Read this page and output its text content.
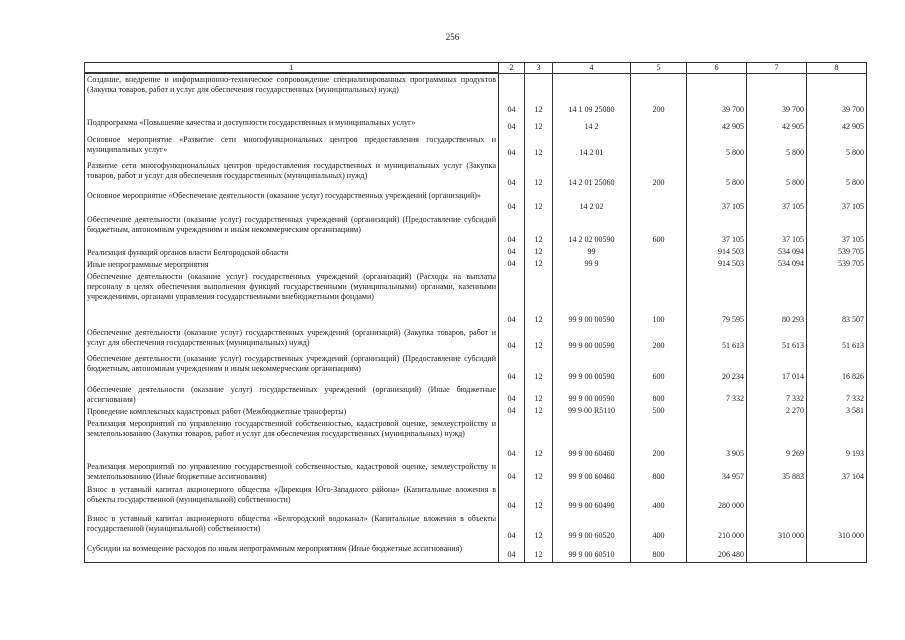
256
1	2	3	4	5	6	7	8
Создание, внедрение и информационно-техническое сопровождение специализированных программных продуктов (Закупка товаров, работ и услуг для обеспечения государственных (муниципальных) нужд)	04	12	14 1 09 25080	200	39 700	39 700	39 700
Подпрограмма «Повышение качества и доступности государственных и муниципальных услуг»	04	12	14 2		42 905	42 905	42 905
Основное мероприятие «Развитие сети многофункциональных центров предоставления государственных и муниципальных услуг»	04	12	14 2 01		5 800	5 800	5 800
Развитие сети многофункциональных центров предоставления государственных и муниципальных услуг (Закупка товаров, работ и услуг для обеспечения государственных (муниципальных) нужд)	04	12	14 2 01 25060	200	5 800	5 800	5 800
Основное мероприятие «Обеспечение деятельности (оказание услуг) государственных учреждений (организаций)»	04	12	14 2 02		37 105	37 105	37 105
Обеспечение деятельности (оказание услуг) государственных учреждений (организаций) (Предоставление субсидий бюджетным, автономным учреждениям и иным некоммерческим организациям)	04	12	14 2 02 00590	600	37 105	37 105	37 105
Реализация функций органов власти Белгородской области	04	12	99		914 503	534 094	539 705
Иные непрограммные мероприятия	04	12	99 9		914 503	534 094	539 705
Обеспечение деятельности (оказание услуг) государственных учреждений (организаций) (Расходы на выплаты персоналу в целях обеспечения выполнения функций государственными (муниципальными) органами, казенными учреждениями, органами управления государственными внебюджетными фондами)	04	12	99 9 00 00590	100	79 595	80 293	83 507
Обеспечение деятельности (оказание услуг) государственных учреждений (организаций) (Закупка товаров, работ и услуг для обеспечения государственных (муниципальных) нужд)	04	12	99 9 00 00590	200	51 613	51 613	51 613
Обеспечение деятельности (оказание услуг) государственных учреждений (организаций) (Предоставление субсидий бюджетным, автономным учреждениям и иным некоммерческим организациям)	04	12	99 9 00 00590	600	20 234	17 014	16 826
Обеспечение деятельности (оказание услуг) государственных учреждений (организаций) (Иные бюджетные ассигнования)	04	12	99 9 00 00590	800	7 332	7 332	7 332
Проведение комплексных кадастровых работ (Межбюджетные трансферты)	04	12	99 9 00 R5110	500		2 270	3 581
Реализация мероприятий по управлению государственной собственностью, кадастровой оценке, землеустройству и землепользованию (Закупка товаров, работ и услуг для обеспечения государственных (муниципальных) нужд)	04	12	99 9 00 60460	200	3 905	9 269	9 193
Реализация мероприятий по управлению государственной собственностью, кадастровой оценке, землеустройству и землепользованию (Иные бюджетные ассигнования)	04	12	99 9 00 60460	800	34 957	35 883	37 104
Взнос в уставный капитал акционерного общества «Дирекция Юго-Западного района» (Капитальные вложения в объекты государственной (муниципальной) собственности)	04	12	99 9 00 60490	400	280 000		
Взнос в уставный капитал акционерного общества «Белгородский водоканал» (Капитальные вложения в объекты государственной (муниципальной) собственности)	04	12	99 9 00 60520	400	210 000	310 000	310 000
Субсидии на возмещение расходов по иным непрограммным мероприятиям (Иные бюджетные ассигнования)	04	12	99 9 00 60510	800	206 480		
